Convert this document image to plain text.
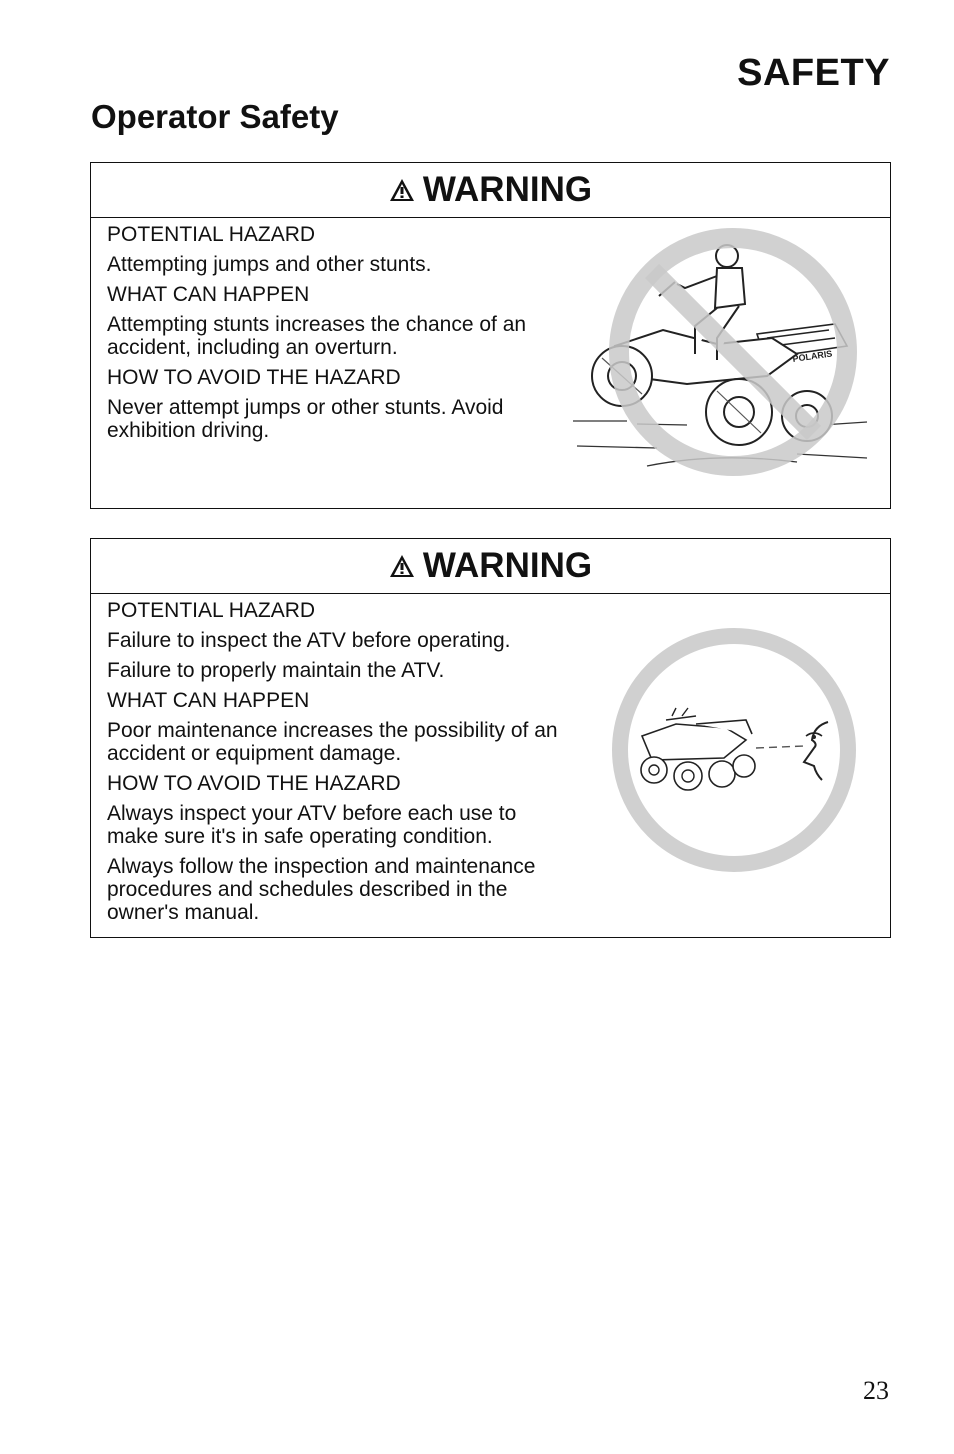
SAFETY
Operator Safety
WARNING

POTENTIAL HAZARD

Attempting jumps and other stunts.

WHAT CAN HAPPEN

Attempting stunts increases the chance of an accident, including an overturn.

HOW TO AVOID THE HAZARD

Never attempt jumps or other stunts. Avoid exhibition driving.

POLARIS
WARNING

POTENTIAL HAZARD

Failure to inspect the ATV before operating.

Failure to properly maintain the ATV.

WHAT CAN HAPPEN

Poor maintenance increases the possibility of an accident or equipment damage.

HOW TO AVOID THE HAZARD

Always inspect your ATV before each use to make sure it's in safe operating condition.

Always follow the inspection and maintenance procedures and schedules described in the owner's manual.

23
